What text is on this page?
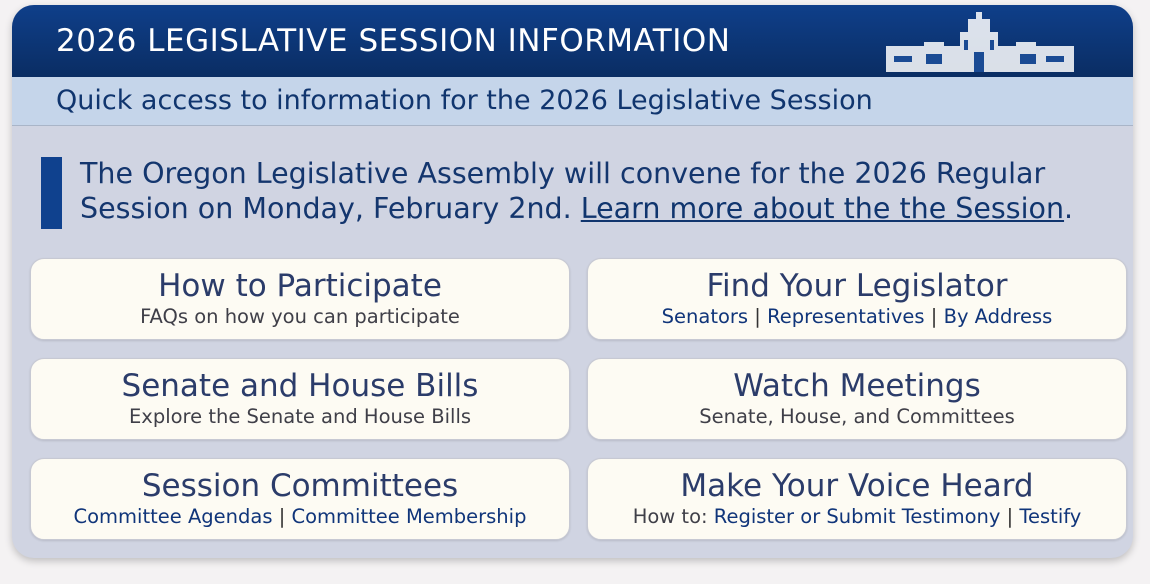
2026 LEGISLATIVE SESSION INFORMATION
Quick access to information for the 2026 Legislative Session
The Oregon Legislative Assembly will convene for the 2026 Regular Session on Monday, February 2nd. Learn more about the the Session.
How to Participate
FAQs on how you can participate
Find Your Legislator
Senators | Representatives | By Address
Senate and House Bills
Explore the Senate and House Bills
Watch Meetings
Senate, House, and Committees
Session Committees
Committee Agendas | Committee Membership
Make Your Voice Heard
How to: Register or Submit Testimony | Testify
